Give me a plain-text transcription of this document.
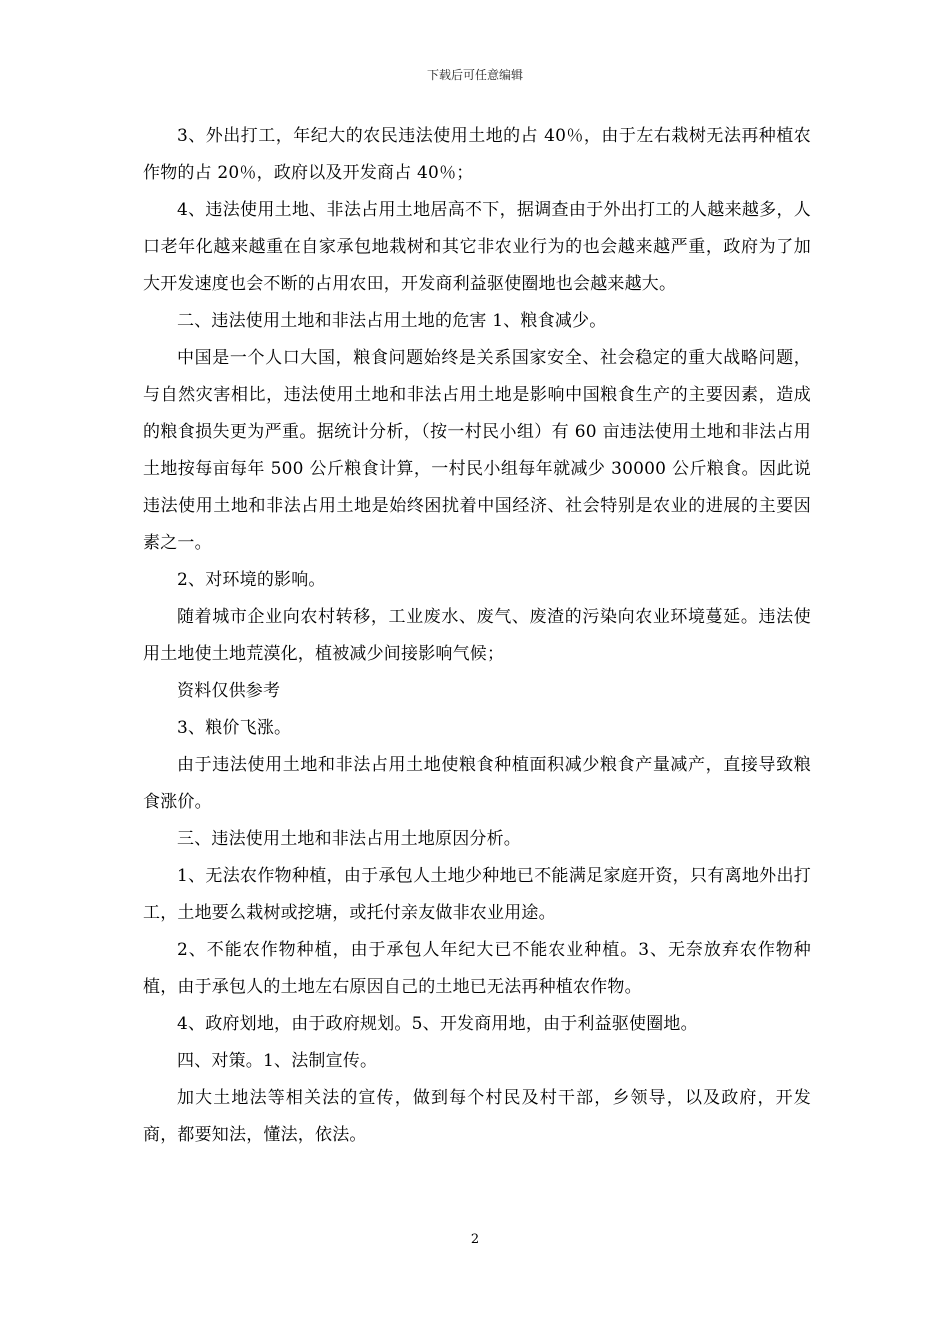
下载后可任意编辑

3、外出打工，年纪大的农民违法使用土地的占 40％，由于左右栽树无法再种植农作物的占 20％，政府以及开发商占 40％；

4、违法使用土地、非法占用土地居高不下，据调查由于外出打工的人越来越多，人口老年化越来越重在自家承包地栽树和其它非农业行为的也会越来越严重，政府为了加大开发速度也会不断的占用农田，开发商利益驱使圈地也会越来越大。

二、违法使用土地和非法占用土地的危害 1、粮食减少。

中国是一个人口大国，粮食问题始终是关系国家安全、社会稳定的重大战略问题，与自然灾害相比，违法使用土地和非法占用土地是影响中国粮食生产的主要因素，造成的粮食损失更为严重。据统计分析，（按一村民小组）有 60 亩违法使用土地和非法占用土地按每亩每年 500 公斤粮食计算，一村民小组每年就减少 30000 公斤粮食。因此说违法使用土地和非法占用土地是始终困扰着中国经济、社会特别是农业的进展的主要因素之一。

2、对环境的影响。

随着城市企业向农村转移，工业废水、废气、废渣的污染向农业环境蔓延。违法使用土地使土地荒漠化，植被减少间接影响气候；

资料仅供参考

3、粮价飞涨。

由于违法使用土地和非法占用土地使粮食种植面积减少粮食产量减产，直接导致粮食涨价。

三、违法使用土地和非法占用土地原因分析。

1、无法农作物种植，由于承包人土地少种地已不能满足家庭开资，只有离地外出打工，土地要么栽树或挖塘，或托付亲友做非农业用途。

2、不能农作物种植，由于承包人年纪大已不能农业种植。3、无奈放弃农作物种植，由于承包人的土地左右原因自己的土地已无法再种植农作物。

4、政府划地，由于政府规划。5、开发商用地，由于利益驱使圈地。

四、对策。1、法制宣传。

加大土地法等相关法的宣传，做到每个村民及村干部，乡领导，以及政府，开发商，都要知法，懂法，依法。

2
